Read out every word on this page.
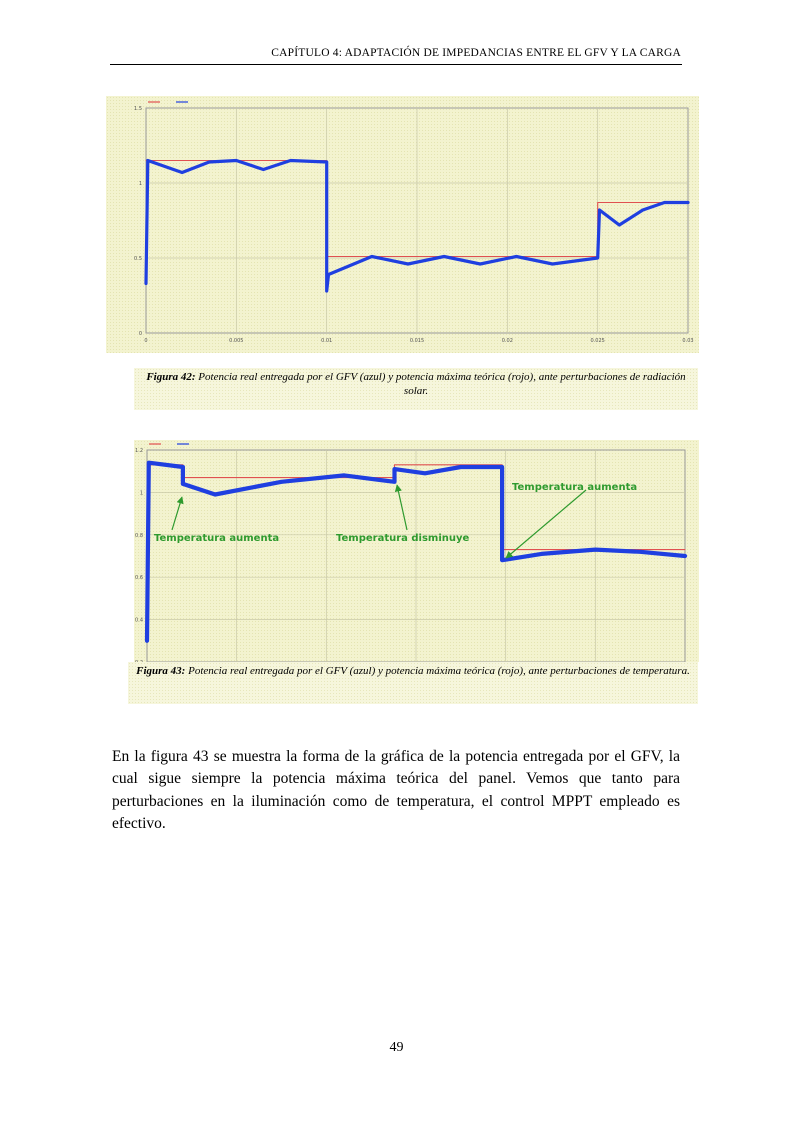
CAPÍTULO 4: ADAPTACIÓN DE IMPEDANCIAS ENTRE EL GFV Y LA CARGA
0
0.5
1
1.5
0	0.005	0.01	0.015	0.02	0.025	0.03
Figura 42: Potencia real entregada por el GFV (azul) y potencia máxima teórica (rojo), ante perturbaciones de radiación solar.
0.4
0.6
0.8
1
1.2
Temperatura aumenta	Temperatura disminuye
Temperatura aumenta
Figura 43: Potencia real entregada por el GFV (azul) y potencia máxima teórica (rojo), ante perturbaciones de temperatura.

En la figura 43 se muestra la forma de la gráfica de la potencia entregada por el GFV, la cual sigue siempre la potencia máxima teórica del panel. Vemos que tanto para perturbaciones en la iluminación como de temperatura, el control MPPT empleado es efectivo.

49
